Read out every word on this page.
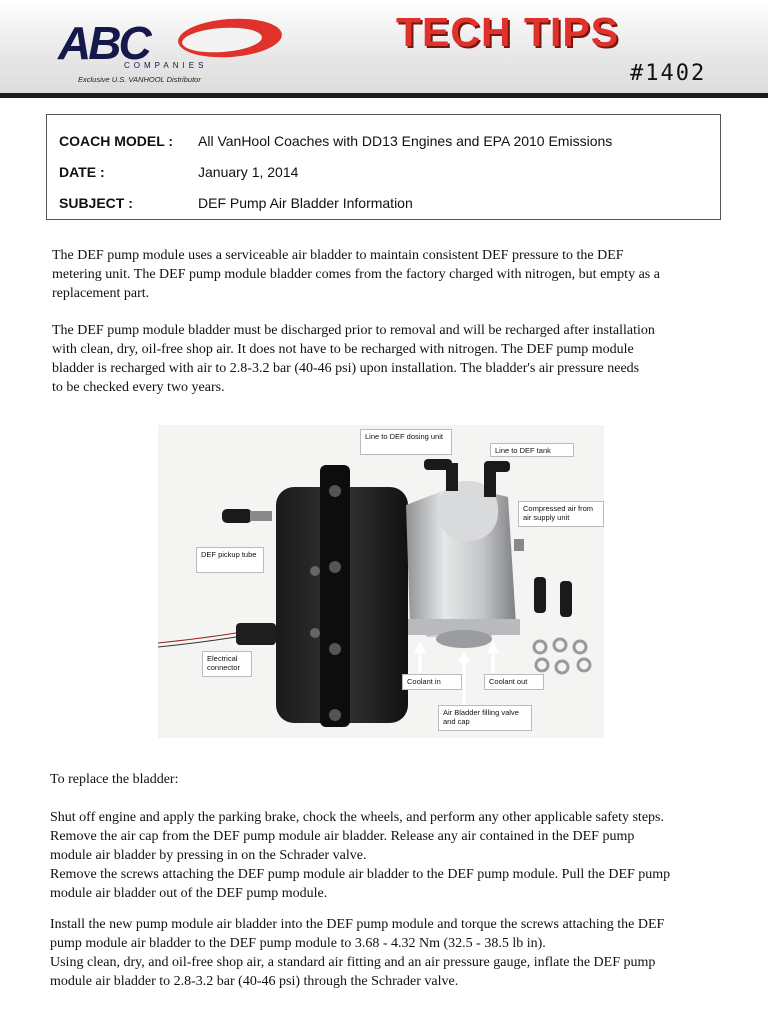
ABC
COMPANIES
Exclusive U.S. VANHOOL Distributor
TECH TIPS
#1402
COACH MODEL : All VanHool Coaches with DD13 Engines and EPA 2010 Emissions
DATE :	January 1, 2014
SUBJECT :	DEF Pump Air Bladder Information
The DEF pump module uses a serviceable air bladder to maintain consistent DEF pressure to the DEF
metering unit. The DEF pump module bladder comes from the factory charged with nitrogen, but empty as a
replacement part.
The DEF pump module bladder must be discharged prior to removal and will be recharged after installation
with clean, dry, oil-free shop air. It does not have to be recharged with nitrogen. The DEF pump module
bladder is recharged with air to 2.8-3.2 bar (40-46 psi) upon installation. The bladder's air pressure needs
to be checked every two years.
Line to DEF dosing unit
Line to DEF tank
Compressed air from air supply unit
DEF pickup tube
Electrical connector
Coolant in	Coolant out
Air Bladder filling valve and cap
To replace the bladder:
Shut off engine and apply the parking brake, chock the wheels, and perform any other applicable safety steps.
Remove the air cap from the DEF pump module air bladder. Release any air contained in the DEF pump
module air bladder by pressing in on the Schrader valve.
Remove the screws attaching the DEF pump module air bladder to the DEF pump module. Pull the DEF pump
module air bladder out of the DEF pump module.
Install the new pump module air bladder into the DEF pump module and torque the screws attaching the DEF
pump module air bladder to the DEF pump module to 3.68 - 4.32 Nm (32.5 - 38.5 lb in).
Using clean, dry, and oil-free shop air, a standard air fitting and an air pressure gauge, inflate the DEF pump
module air bladder to 2.8-3.2 bar (40-46 psi) through the Schrader valve.
